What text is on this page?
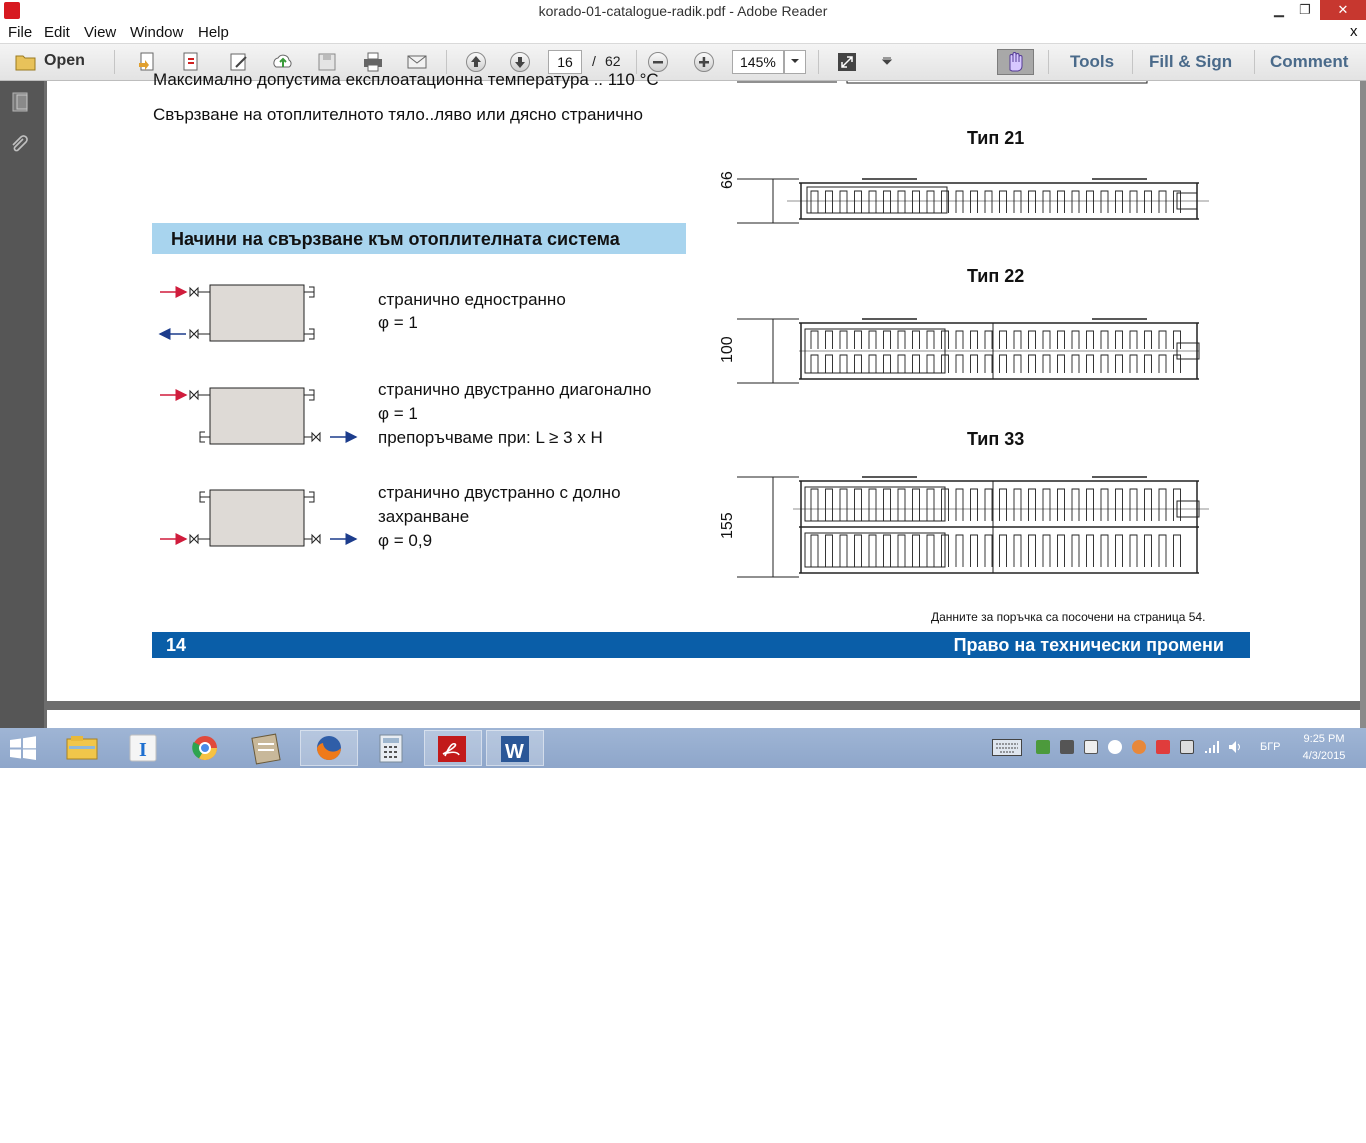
korado-01-catalogue-radik.pdf - Adobe Reader	▁	❐	✕
File Edit View Window Help	x
Open	16	/ 62	145%	Tools Fill & Sign Comment
Максимално допустима експлоатационна температура .. 110 °С
Свързване на отоплителното тяло..ляво или дясно странично
Начини на свързване към отоплителната система
странично едностранно
φ = 1
странично двустранно диагонално
φ = 1
препоръчваме при: L ≥ 3 x H
странично двустранно с долно
захранване
φ = 0,9
Тип 21
Тип 22
Тип 33
66
100
155
Данните за поръчка са посочени на страница 54.
14	Право на технически промени
I	W	БГР
9:25 PM
4/3/2015
